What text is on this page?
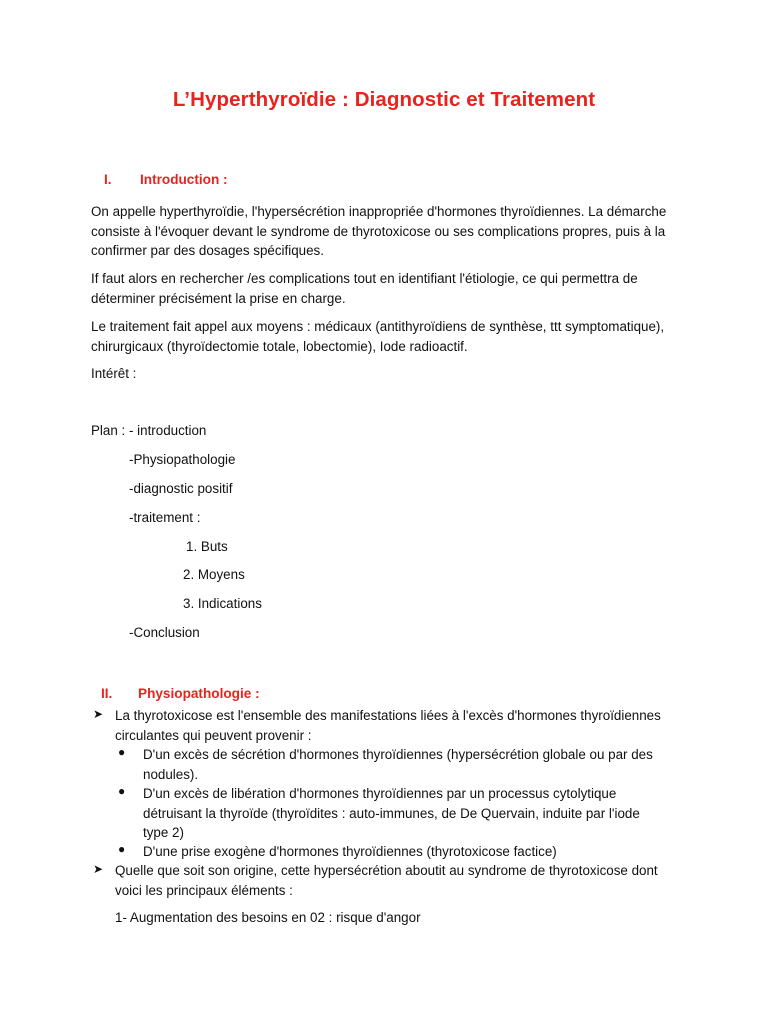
L’Hyperthyroïdie : Diagnostic et Traitement
I. Introduction :
On appelle hyperthyroïdie, l'hypersécrétion inappropriée d'hormones thyroïdiennes. La démarche consiste à l'évoquer devant le syndrome de thyrotoxicose ou ses complications propres, puis à la confirmer par des dosages spécifiques.
If faut alors en rechercher /es complications tout en identifiant l'étiologie, ce qui permettra de déterminer précisément la prise en charge.
Le traitement fait appel aux moyens : médicaux (antithyroïdiens de synthèse, ttt symptomatique), chirurgicaux (thyroïdectomie totale, lobectomie), Iode radioactif.
Intérêt :
Plan : - introduction
-Physiopathologie
-diagnostic positif
-traitement :
1. Buts
2. Moyens
3. Indications
-Conclusion
II. Physiopathologie :
➤ La thyrotoxicose est l'ensemble des manifestations liées à l'excès d'hormones thyroïdiennes circulantes qui peuvent provenir :
● D'un excès de sécrétion d'hormones thyroïdiennes (hypersécrétion globale ou par des nodules).
● D'un excès de libération d'hormones thyroïdiennes par un processus cytolytique détruisant la thyroïde (thyroïdites : auto-immunes, de De Quervain, induite par l'iode type 2)
● D'une prise exogène d'hormones thyroïdiennes (thyrotoxicose factice)
➤ Quelle que soit son origine, cette hypersécrétion aboutit au syndrome de thyrotoxicose dont voici les principaux éléments :
1- Augmentation des besoins en 02 : risque d'angor
